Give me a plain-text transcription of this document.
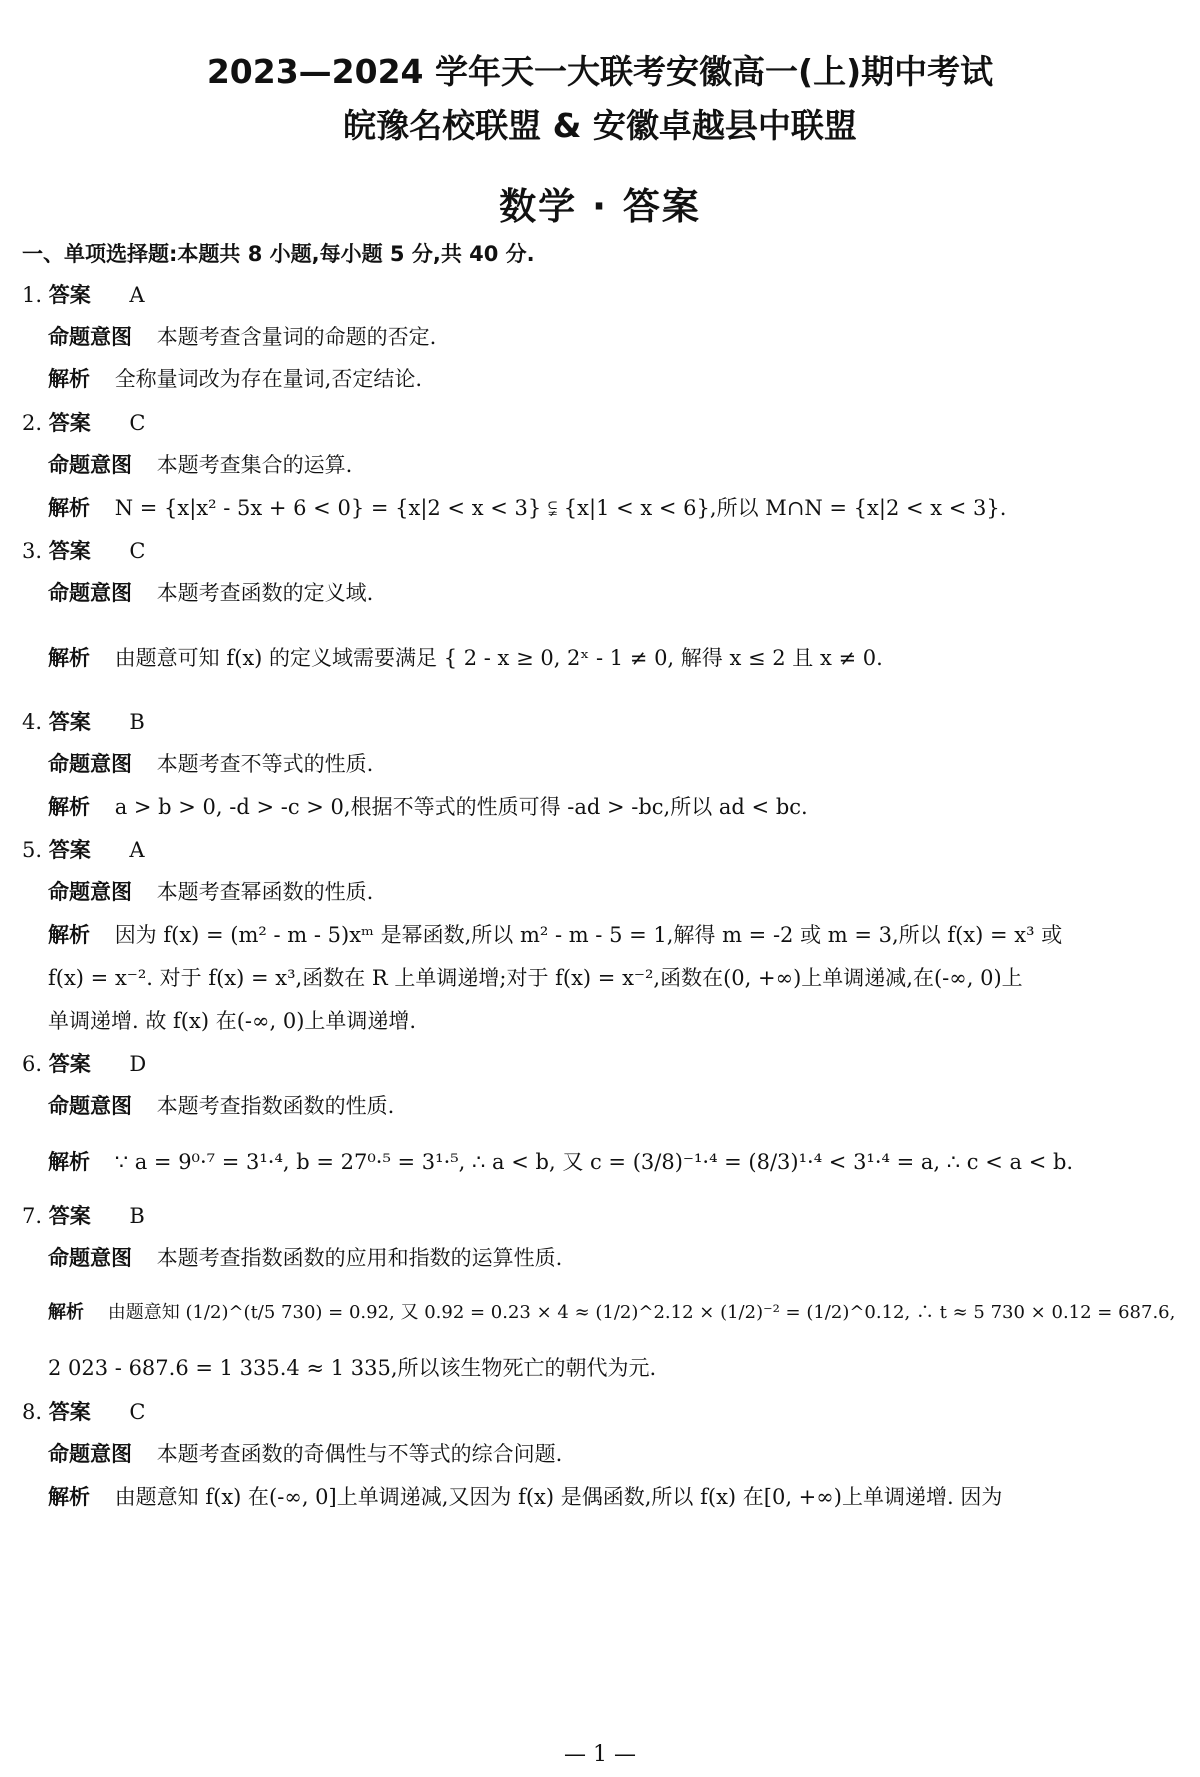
2023—2024 学年天一大联考安徽高一(上)期中考试
皖豫名校联盟 & 安徽卓越县中联盟
数学 · 答案
一、单项选择题:本题共 8 小题,每小题 5 分,共 40 分.
1. 答案 A
命题意图 本题考查含量词的命题的否定.
解析 全称量词改为存在量词,否定结论.
2. 答案 C
命题意图 本题考查集合的运算.
解析 N = {x|x² - 5x + 6 < 0} = {x|2 < x < 3} ⫋ {x|1 < x < 6},所以 M∩N = {x|2 < x < 3}.
3. 答案 C
命题意图 本题考查函数的定义域.
解析 由题意可知 f(x) 的定义域需要满足 { 2 - x ≥ 0, 2ˣ - 1 ≠ 0, 解得 x ≤ 2 且 x ≠ 0.
4. 答案 B
命题意图 本题考查不等式的性质.
解析 a > b > 0, -d > -c > 0,根据不等式的性质可得 -ad > -bc,所以 ad < bc.
5. 答案 A
命题意图 本题考查幂函数的性质.
解析 因为 f(x) = (m² - m - 5)xᵐ 是幂函数,所以 m² - m - 5 = 1,解得 m = -2 或 m = 3,所以 f(x) = x³ 或
f(x) = x⁻². 对于 f(x) = x³,函数在 R 上单调递增;对于 f(x) = x⁻²,函数在(0, +∞)上单调递减,在(-∞, 0)上
单调递增. 故 f(x) 在(-∞, 0)上单调递增.
6. 答案 D
命题意图 本题考查指数函数的性质.
解析 ∵ a = 9⁰·⁷ = 3¹·⁴, b = 27⁰·⁵ = 3¹·⁵, ∴ a < b, 又 c = (3/8)⁻¹·⁴ = (8/3)¹·⁴ < 3¹·⁴ = a, ∴ c < a < b.
7. 答案 B
命题意图 本题考查指数函数的应用和指数的运算性质.
解析 由题意知 (1/2)^(t/5 730) = 0.92, 又 0.92 = 0.23 × 4 ≈ (1/2)^2.12 × (1/2)⁻² = (1/2)^0.12, ∴ t ≈ 5 730 × 0.12 = 687.6,
2 023 - 687.6 = 1 335.4 ≈ 1 335,所以该生物死亡的朝代为元.
8. 答案 C
命题意图 本题考查函数的奇偶性与不等式的综合问题.
解析 由题意知 f(x) 在(-∞, 0]上单调递减,又因为 f(x) 是偶函数,所以 f(x) 在[0, +∞)上单调递增. 因为
— 1 —
